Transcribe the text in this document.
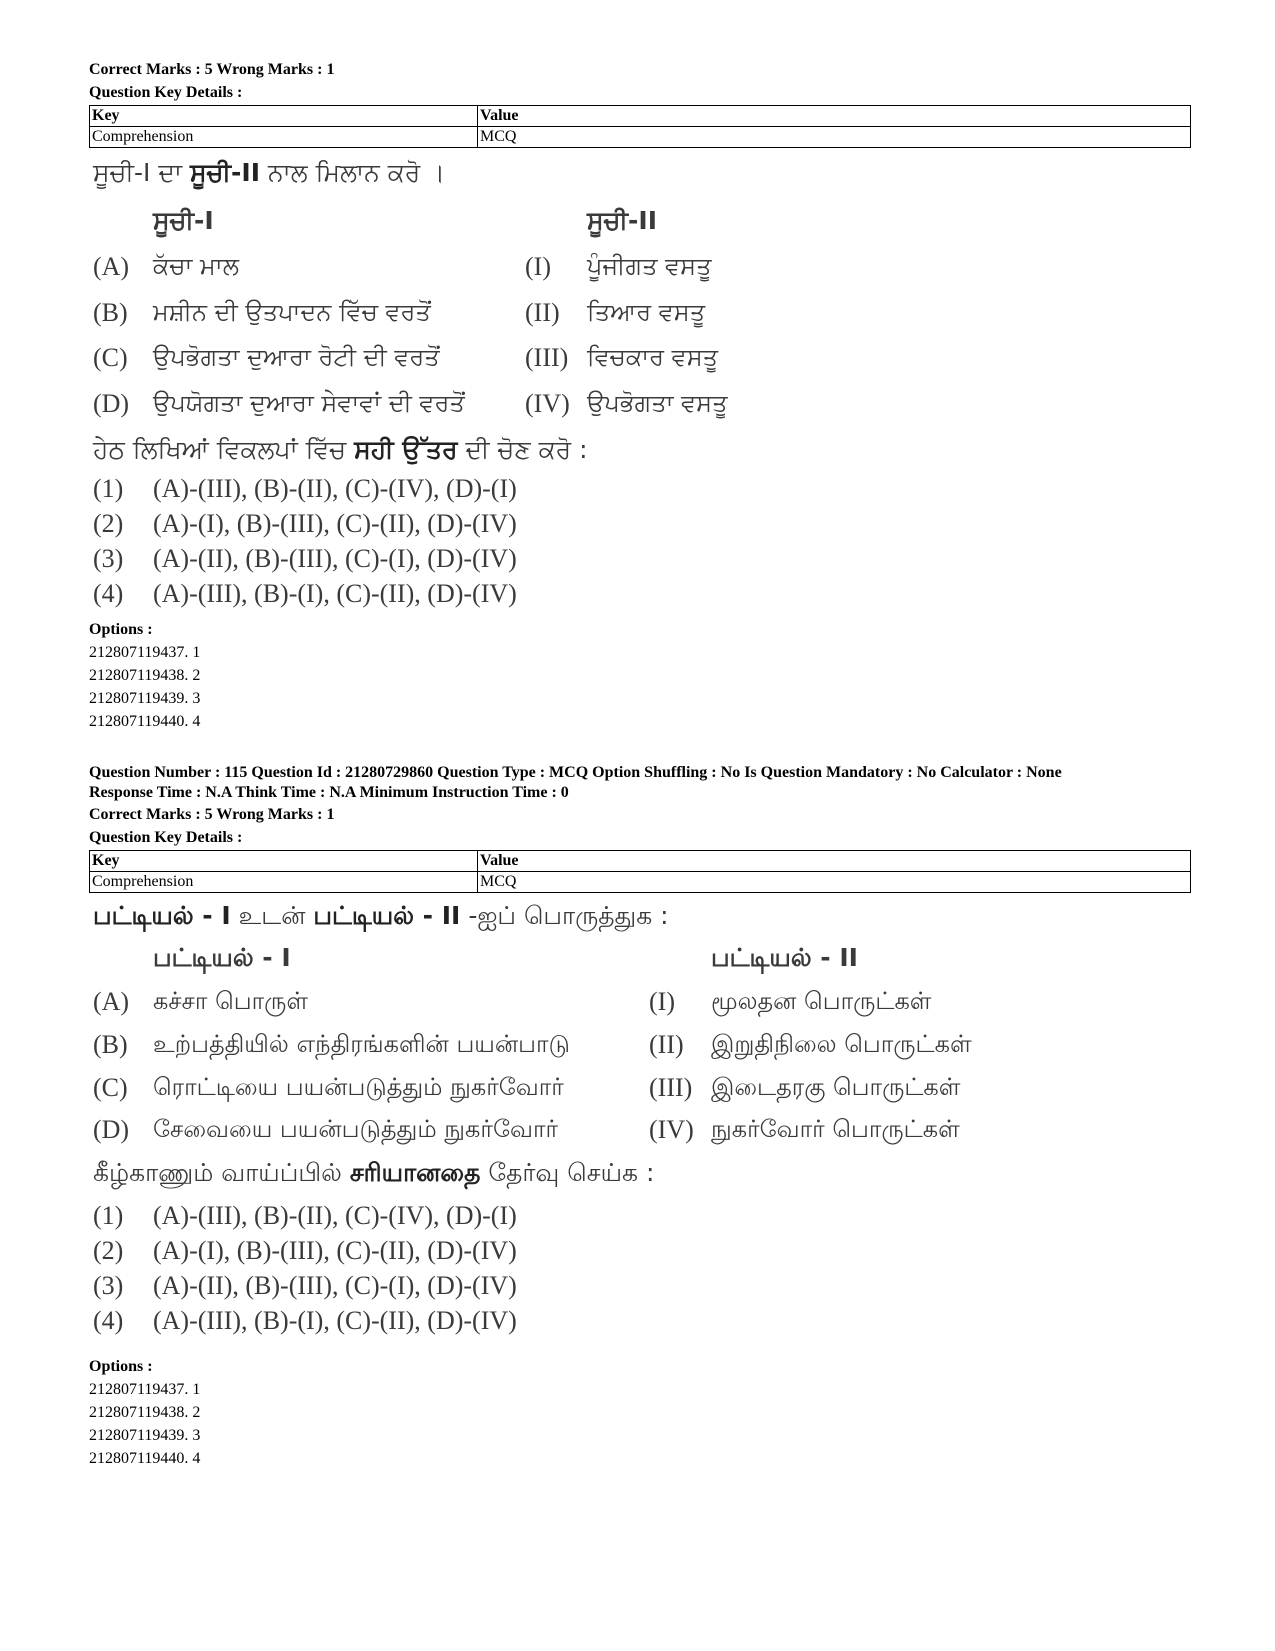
Correct Marks : 5 Wrong Marks : 1
Question Key Details :
Key	Value
Comprehension	MCQ
ਸੂਚੀ-I ਦਾ ਸੂਚੀ-II ਨਾਲ ਮਿਲਾਨ ਕਰੋ ।
ਸੂਚੀ-I	ਸੂਚੀ-II
(A) ਕੱਚਾ ਮਾਲ	(I) ਪੂੰਜੀਗਤ ਵਸਤੂ
(B) ਮਸ਼ੀਨ ਦੀ ਉਤਪਾਦਨ ਵਿੱਚ ਵਰਤੋਂ	(II) ਤਿਆਰ ਵਸਤੂ
(C) ਉਪਭੋਗਤਾ ਦੁਆਰਾ ਰੋਟੀ ਦੀ ਵਰਤੋਂ	(III) ਵਿਚਕਾਰ ਵਸਤੂ
(D) ਉਪਯੋਗਤਾ ਦੁਆਰਾ ਸੇਵਾਵਾਂ ਦੀ ਵਰਤੋਂ (IV) ਉਪਭੋਗਤਾ ਵਸਤੂ
ਹੇਠ ਲਿਖਿਆਂ ਵਿਕਲਪਾਂ ਵਿੱਚ ਸਹੀ ਉੱਤਰ ਦੀ ਚੋਣ ਕਰੋ :
(1) (A)-(III), (B)-(II), (C)-(IV), (D)-(I)
(2) (A)-(I), (B)-(III), (C)-(II), (D)-(IV)
(3) (A)-(II), (B)-(III), (C)-(I), (D)-(IV)
(4) (A)-(III), (B)-(I), (C)-(II), (D)-(IV)
Options :
212807119437. 1
212807119438. 2
212807119439. 3
212807119440. 4
Question Number : 115 Question Id : 21280729860 Question Type : MCQ Option Shuffling : No Is Question Mandatory : No Calculator : None
Response Time : N.A Think Time : N.A Minimum Instruction Time : 0
Correct Marks : 5 Wrong Marks : 1
Question Key Details :
Key	Value
Comprehension	MCQ
பட்டியல் - I உடன் பட்டியல் - II -ஐப் பொருத்துக :
பட்டியல் - I	பட்டியல் - II
(A) கச்சா பொருள்	(I) மூலதன பொருட்கள்
(B) உற்பத்தியில் எந்திரங்களின் பயன்பாடு	(II) இறுதிநிலை பொருட்கள்
(C) ரொட்டியை பயன்படுத்தும் நுகர்வோர்	(III) இடைதரகு பொருட்கள்
(D) சேவையை பயன்படுத்தும் நுகர்வோர்	(IV) நுகர்வோர் பொருட்கள்
கீழ்காணும் வாய்ப்பில் சரியானதை தேர்வு செய்க :
(1) (A)-(III), (B)-(II), (C)-(IV), (D)-(I)
(2) (A)-(I), (B)-(III), (C)-(II), (D)-(IV)
(3) (A)-(II), (B)-(III), (C)-(I), (D)-(IV)
(4) (A)-(III), (B)-(I), (C)-(II), (D)-(IV)
Options :
212807119437. 1
212807119438. 2
212807119439. 3
212807119440. 4
